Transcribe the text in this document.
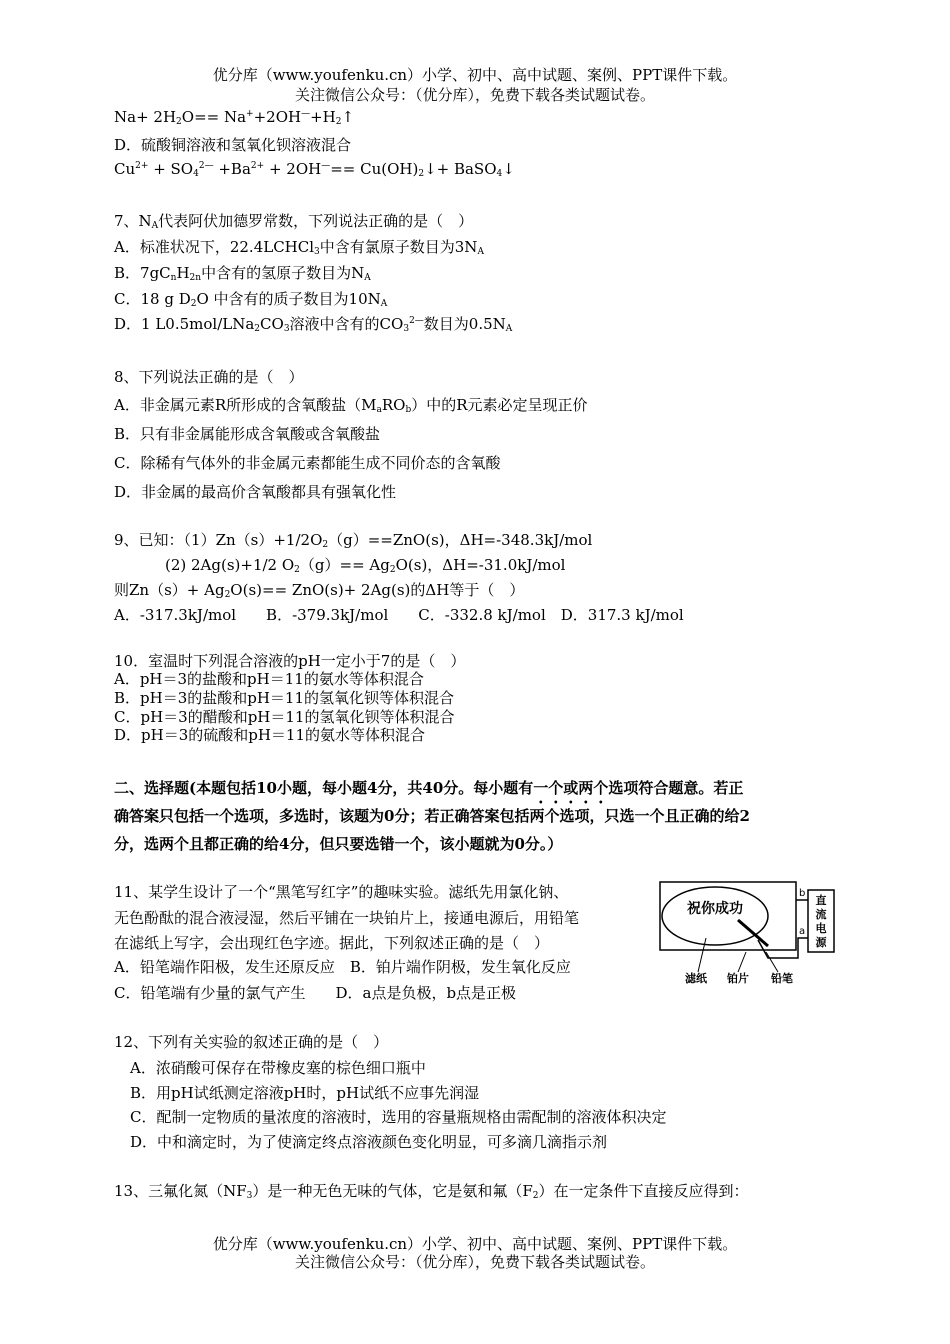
优分库（www.youfenku.cn）小学、初中、高中试题、案例、PPT课件下载。
关注微信公众号：（优分库），免费下载各类试题试卷。
$Na+ 2H_2O==$ $Na^++2OH^—+H_2↑$
D．硫酸铜溶液和氢氧化钡溶液混合
$Cu^{2+} + SO_4^{2—} +Ba^{2+} + 2OH^—==$ $Cu(OH)_2↓+$ BaSO$_4$↓
7、$N_A$代表阿伏加德罗常数，下列说法正确的是（　）
A．标准状况下，22.4LCHCl$_3$中含有氯原子数目为$3N_A$
B．$7gC_nH_{2n}$中含有的氢原子数目为$N_A$
C．18 g $D_2O$ 中含有的质子数目为$10N_A$
D．1 $L0.5mol/LNa_2CO_3$溶液中含有的$CO_3^{2—}$数目为$0.5N_A$
8、下列说法正确的是（　）
A．非金属元素R所形成的含氧酸盐$(M_aRO_b)$中的R元素必定呈现正价
B．只有非金属能形成含氧酸或含氧酸盐
C．除稀有气体外的非金属元素都能生成不同价态的含氧酸
D．非金属的最高价含氧酸都具有强氧化性
9、已知：$(1)Zn(s)+1/2O_2(g)==ZnO(s)$，ΔH=-348.3kJ/mol
(2) 2Ag(s)+1/2 $O_2(g)== Ag_2O(s)$，ΔH=-31.0kJ/mol
则$Zn(s)+ Ag_2O(s)== ZnO(s)+ 2Ag(s)$的ΔH等于（　）
A．-317.3kJ/mol　　B．-379.3kJ/mol　　C．-332.8 kJ/mol　D．317.3 kJ/mol
10．室温时下列混合溶液的pH一定小于7的是（　）
A．pH＝3的盐酸和pH＝11的氨水等体积混合
B．pH＝3的盐酸和pH＝11的氢氧化钡等体积混合
C．pH＝3的醋酸和pH＝11的氢氧化钡等体积混合
D．pH＝3的硫酸和pH＝11的氨水等体积混合
二、选择题(本题包括10小题，每小题4分，共40分。每小题有一个或两个选项符合题意。若正
确答案只包括一个选项，多选时，该题为0分；若正确答案包括两个选项，只选一个且正确的给2
分，选两个且都正确的给4分，但只要选错一个，该小题就为0分。）
11、某学生设计了一个“黑笔写红字”的趣味实验。滤纸先用氯化钠、
无色酚酞的混合液浸湿，然后平铺在一块铂片上，接通电源后，用铅笔
在滤纸上写字，会出现红色字迹。据此，下列叙述正确的是（　）
A．铅笔端作阳极，发生还原反应　B．铂片端作阴极，发生氧化反应
C．铅笔端有少量的氯气产生　　D．a点是负极，b点是正极
祝你成功
直流电源
b
a
滤纸 铂片 铅笔
12、下列有关实验的叙述正确的是（　）
A．浓硝酸可保存在带橡皮塞的棕色细口瓶中
B．用pH试纸测定溶液pH时，pH试纸不应事先润湿
C．配制一定物质的量浓度的溶液时，选用的容量瓶规格由需配制的溶液体积决定
D．中和滴定时，为了使滴定终点溶液颜色变化明显，可多滴几滴指示剂
13、三氟化氮$(NF_3)$是一种无色无味的气体，它是氨和氟$(F_2)$在一定条件下直接反应得到：
优分库（www.youfenku.cn）小学、初中、高中试题、案例、PPT课件下载。
关注微信公众号：（优分库），免费下载各类试题试卷。
